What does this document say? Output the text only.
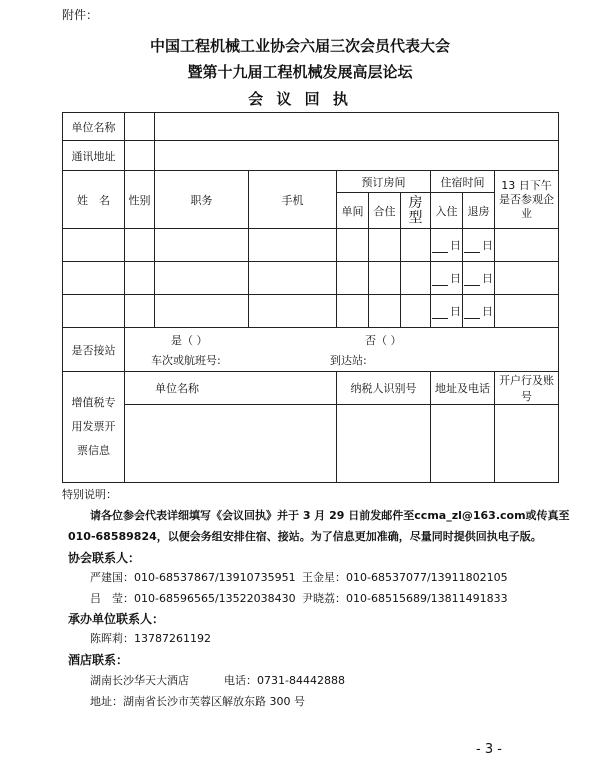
附件：
中国工程机械工业协会六届三次会员代表大会
暨第十九届工程机械发展高层论坛
会 议 回 执
单位名称									
通讯地址									
姓　名	性别	职务	手机	预订房间			住宿时间		13 日下午是否参观企业
				单间	合住	房型	入住	退房	
							日	日	
							日	日	
							日	日	
是否接站	是（ ） 否（ ）
车次或航班号: 到达站:								

增值税专用发票开票信息	单位名称			纳税人识别号			地址及电话		开户行及账号

特别说明：
请各位参会代表详细填写《会议回执》并于 3 月 29 日前发邮件至ccma_zl@163.com或传真至
010-68589824，以便会务组安排住宿、接站。为了信息更加准确，尽量同时提供回执电子版。
协会联系人：
严建国：010-68537867/13910735951 王金星：010-68537077/13911802105
吕　莹：010-68596565/13522038430 尹晓荔：010-68515689/13811491833
承办单位联系人：
陈晖莉：13787261192
酒店联系：
湖南长沙华天大酒店	电话：0731-84442888
地址：湖南省长沙市芙蓉区解放东路 300 号
- 3 -
